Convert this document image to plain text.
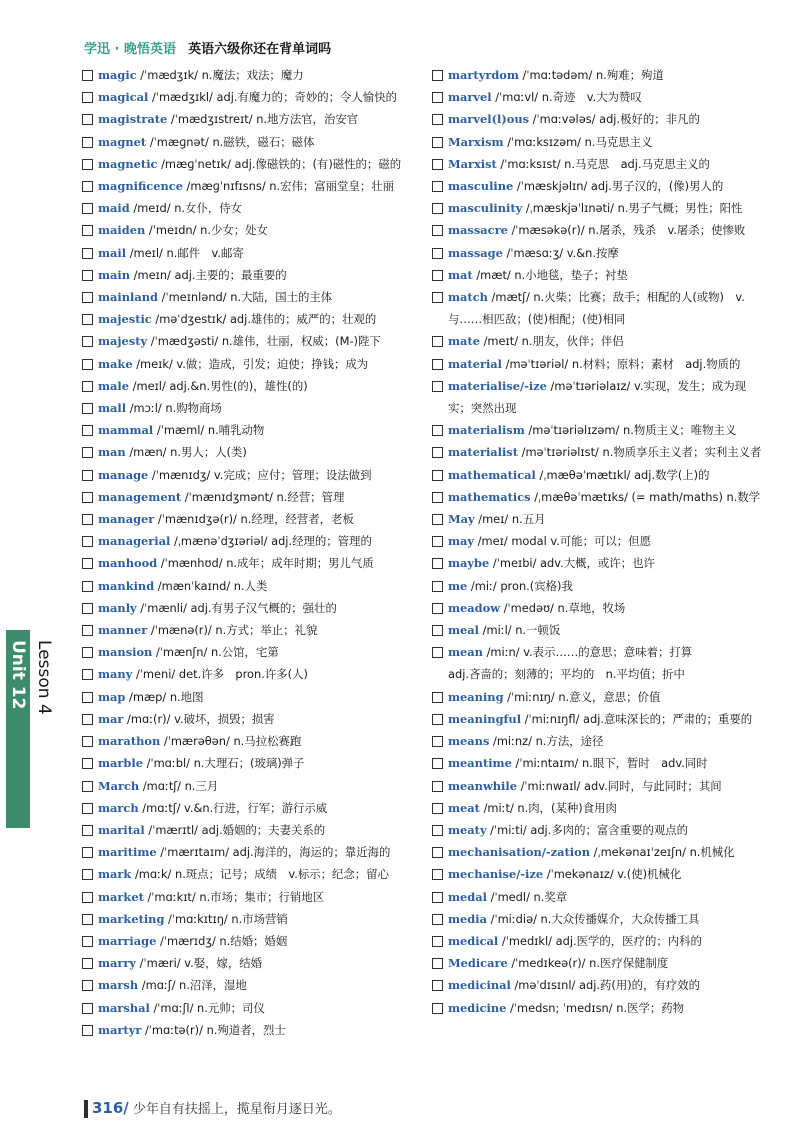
学迅 · 晚悟英语 英语六级你还在背单词吗
magic /ˈmædʒɪk/ n.魔法；戏法；魔力
magical /ˈmædʒɪkl/ adj.有魔力的；奇妙的；令人愉快的
magistrate /ˈmædʒɪstreɪt/ n.地方法官，治安官
magnet /ˈmæɡnət/ n.磁铁，磁石；磁体
magnetic /mæɡˈnetɪk/ adj.像磁铁的；(有)磁性的；磁的
magnificence /mæɡˈnɪfɪsns/ n.宏伟；富丽堂皇；壮丽
maid /meɪd/ n.女仆，侍女
maiden /ˈmeɪdn/ n.少女；处女
mail /meɪl/ n.邮件　v.邮寄
main /meɪn/ adj.主要的；最重要的
mainland /ˈmeɪnlənd/ n.大陆，国土的主体
majestic /məˈdʒestɪk/ adj.雄伟的；威严的；壮观的
majesty /ˈmædʒəsti/ n.雄伟，壮丽，权威；(M-)陛下
make /meɪk/ v.做；造成，引发；迫使；挣钱；成为
male /meɪl/ adj.&n.男性(的)，雄性(的)
mall /mɔːl/ n.购物商场
mammal /ˈmæml/ n.哺乳动物
man /mæn/ n.男人；人(类)
manage /ˈmænɪdʒ/ v.完成；应付；管理；设法做到
management /ˈmænɪdʒmənt/ n.经营；管理
manager /ˈmænɪdʒə(r)/ n.经理，经营者，老板
managerial /ˌmænəˈdʒɪəriəl/ adj.经理的；管理的
manhood /ˈmænhʊd/ n.成年；成年时期；男儿气质
mankind /mænˈkaɪnd/ n.人类
manly /ˈmænli/ adj.有男子汉气概的；强壮的
manner /ˈmænə(r)/ n.方式；举止；礼貌
mansion /ˈmænʃn/ n.公馆，宅第
many /ˈmeni/ det.许多　pron.许多(人)
map /mæp/ n.地图
mar /mɑː(r)/ v.破坏，损毁；损害
marathon /ˈmærəθən/ n.马拉松赛跑
marble /ˈmɑːbl/ n.大理石；(玻璃)弹子
March /mɑːtʃ/ n.三月
march /mɑːtʃ/ v.&n.行进，行军；游行示威
marital /ˈmærɪtl/ adj.婚姻的；夫妻关系的
maritime /ˈmærɪtaɪm/ adj.海洋的，海运的；靠近海的
mark /mɑːk/ n.斑点；记号；成绩　v.标示；纪念；留心
market /ˈmɑːkɪt/ n.市场；集市；行销地区
marketing /ˈmɑːkɪtɪŋ/ n.市场营销
marriage /ˈmærɪdʒ/ n.结婚；婚姻
marry /ˈmæri/ v.娶，嫁，结婚
marsh /mɑːʃ/ n.沼泽，湿地
marshal /ˈmɑːʃl/ n.元帅；司仪
martyr /ˈmɑːtə(r)/ n.殉道者，烈士
martyrdom /ˈmɑːtədəm/ n.殉难；殉道
marvel /ˈmɑːvl/ n.奇迹　v.大为赞叹
marvel(l)ous /ˈmɑːvələs/ adj.极好的；非凡的
Marxism /ˈmɑːksɪzəm/ n.马克思主义
Marxist /ˈmɑːksɪst/ n.马克思　adj.马克思主义的
masculine /ˈmæskjəlɪn/ adj.男子汉的，(像)男人的
masculinity /ˌmæskjəˈlɪnəti/ n.男子气概；男性；阳性
massacre /ˈmæsəkə(r)/ n.屠杀，残杀　v.屠杀；使惨败
massage /ˈmæsɑːʒ/ v.&n.按摩
mat /mæt/ n.小地毯，垫子；衬垫
match /mætʃ/ n.火柴；比赛；敌手；相配的人(或物)　v.与……相匹敌；(使)相配；(使)相同
mate /meɪt/ n.朋友，伙伴；伴侣
material /məˈtɪəriəl/ n.材料；原料；素材　adj.物质的
materialise/-ize /məˈtɪəriəlaɪz/ v.实现，发生；成为现实；突然出现
materialism /məˈtɪəriəlɪzəm/ n.物质主义；唯物主义
materialist /məˈtɪəriəlɪst/ n.物质享乐主义者；实利主义者
mathematical /ˌmæθəˈmætɪkl/ adj.数学(上)的
mathematics /ˌmæθəˈmætɪks/ (= math/maths) n.数学
May /meɪ/ n.五月
may /meɪ/ modal v.可能；可以；但愿
maybe /ˈmeɪbi/ adv.大概，或许；也许
me /miː/ pron.(宾格)我
meadow /ˈmedəʊ/ n.草地，牧场
meal /miːl/ n.一顿饭
mean /miːn/ v.表示……的意思；意味着；打算
adj.吝啬的；刻薄的；平均的　n.平均值；折中
meaning /ˈmiːnɪŋ/ n.意义，意思；价值
meaningful /ˈmiːnɪŋfl/ adj.意味深长的；严肃的；重要的
means /miːnz/ n.方法，途径
meantime /ˈmiːntaɪm/ n.眼下，暂时　adv.同时
meanwhile /ˈmiːnwaɪl/ adv.同时，与此同时；其间
meat /miːt/ n.肉，(某种)食用肉
meaty /ˈmiːti/ adj.多肉的；富含重要的观点的
mechanisation/-zation /ˌmekənaɪˈzeɪʃn/ n.机械化
mechanise/-ize /ˈmekənaɪz/ v.(使)机械化
medal /ˈmedl/ n.奖章
media /ˈmiːdiə/ n.大众传播媒介，大众传播工具
medical /ˈmedɪkl/ adj.医学的，医疗的；内科的
Medicare /ˈmedɪkeə(r)/ n.医疗保健制度
medicinal /məˈdɪsɪnl/ adj.药(用)的，有疗效的
medicine /ˈmedsn; ˈmedɪsn/ n.医学；药物
Unit 12 Lesson 4
316/ 少年自有扶摇上，揽星衔月逐日光。
